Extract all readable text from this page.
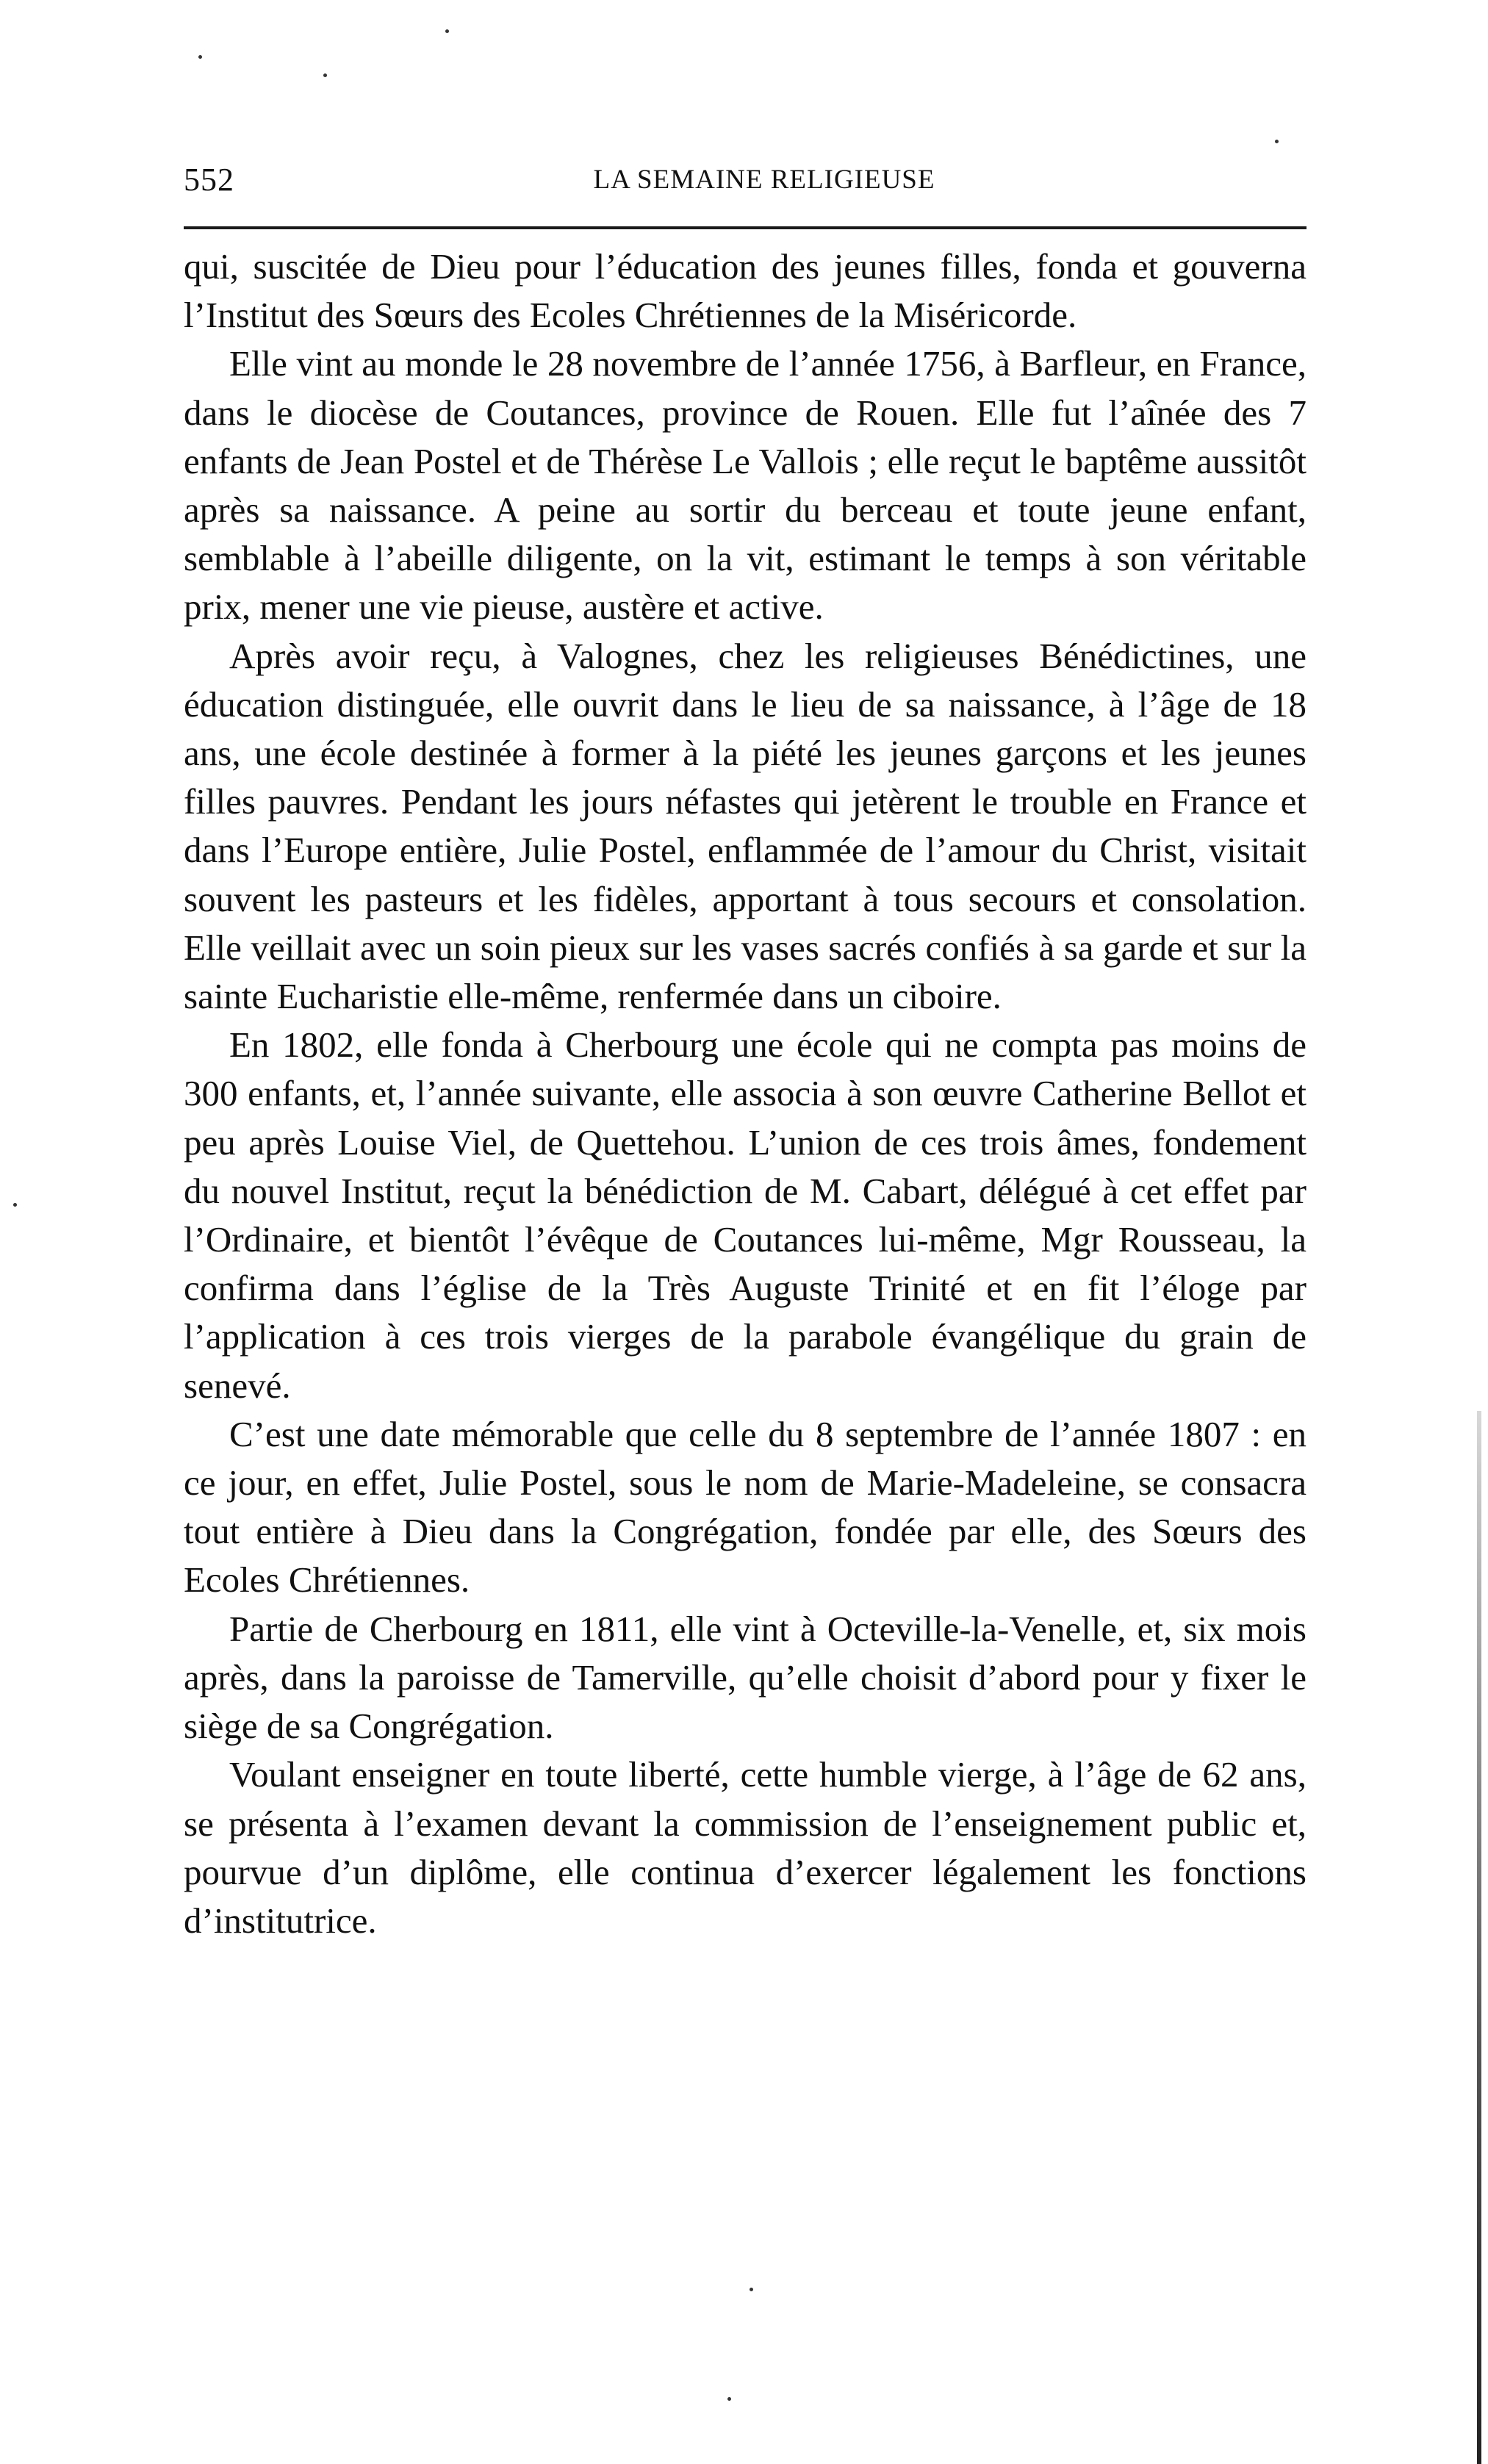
552	LA SEMAINE RELIGIEUSE

qui, suscitée de Dieu pour l’éducation des jeunes filles, fonda et gouverna l’Institut des Sœurs des Ecoles Chrétiennes de la Miséricorde.

Elle vint au monde le 28 novembre de l’année 1756, à Barfleur, en France, dans le diocèse de Coutances, province de Rouen. Elle fut l’aînée des 7 enfants de Jean Postel et de Thérèse Le Vallois ; elle reçut le baptême aussitôt après sa naissance. A peine au sortir du berceau et toute jeune enfant, semblable à l’abeille diligente, on la vit, estimant le temps à son véritable prix, mener une vie pieuse, austère et active.

Après avoir reçu, à Valognes, chez les religieuses Bénédictines, une éducation distinguée, elle ouvrit dans le lieu de sa naissance, à l’âge de 18 ans, une école destinée à former à la piété les jeunes garçons et les jeunes filles pauvres. Pendant les jours néfastes qui jetèrent le trouble en France et dans l’Europe entière, Julie Postel, enflammée de l’amour du Christ, visitait souvent les pasteurs et les fidèles, apportant à tous secours et consolation. Elle veillait avec un soin pieux sur les vases sacrés confiés à sa garde et sur la sainte Eucharistie elle-même, renfermée dans un ciboire.

En 1802, elle fonda à Cherbourg une école qui ne compta pas moins de 300 enfants, et, l’année suivante, elle associa à son œuvre Catherine Bellot et peu après Louise Viel, de Quettehou. L’union de ces trois âmes, fondement du nouvel Institut, reçut la bénédiction de M. Cabart, délégué à cet effet par l’Ordinaire, et bientôt l’évêque de Coutances lui-même, Mgr Rousseau, la confirma dans l’église de la Très Auguste Trinité et en fit l’éloge par l’application à ces trois vierges de la parabole évangélique du grain de senevé.

C’est une date mémorable que celle du 8 septembre de l’année 1807 : en ce jour, en effet, Julie Postel, sous le nom de Marie-Madeleine, se consacra tout entière à Dieu dans la Congrégation, fondée par elle, des Sœurs des Ecoles Chrétiennes.

Partie de Cherbourg en 1811, elle vint à Octeville-la-Venelle, et, six mois après, dans la paroisse de Tamerville, qu’elle choisit d’abord pour y fixer le siège de sa Congrégation.

Voulant enseigner en toute liberté, cette humble vierge, à l’âge de 62 ans, se présenta à l’examen devant la commission de l’enseignement public et, pourvue d’un diplôme, elle continua d’exercer légalement les fonctions d’institutrice.
